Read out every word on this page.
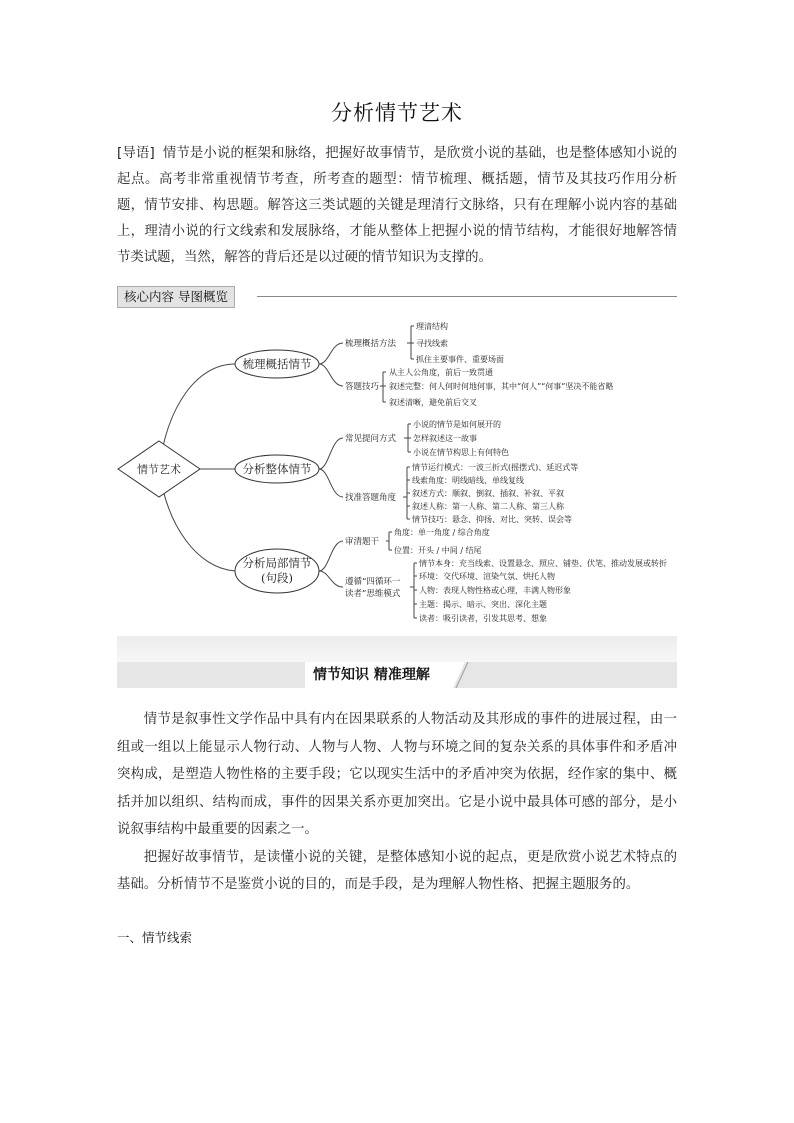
分析情节艺术
[导语] 情节是小说的框架和脉络，把握好故事情节，是欣赏小说的基础，也是整体感知小说的起点。高考非常重视情节考查，所考查的题型：情节梳理、概括题，情节及其技巧作用分析题，情节安排、构思题。解答这三类试题的关键是理清行文脉络，只有在理解小说内容的基础上，理清小说的行文线索和发展脉络，才能从整体上把握小说的情节结构，才能很好地解答情节类试题，当然，解答的背后还是以过硬的情节知识为支撑的。
核心内容 导图概览
情节艺术
梳理概括情节
分析整体情节
分析局部情节
(句段)
梳理概括方法
答题技巧
常见提问方式
找准答题角度
审清题干
遵循“四循环一
读者”思维模式
理清结构
寻找线索
抓住主要事件、重要场面
从主人公角度，前后一致贯通
叙述完整：何人何时何地何事，其中“何人”“何事”坚决不能省略
叙述清晰，避免前后交叉
小说的情节是如何展开的
怎样叙述这一故事
小说在情节构思上有何特色
情节运行模式：一波三折式(摇摆式)、延迟式等
线索角度：明线暗线、单线复线
叙述方式：顺叙、倒叙、插叙、补叙、平叙
叙述人称：第一人称、第二人称、第三人称
情节技巧：悬念、抑扬、对比、突转、误会等
角度：单一角度 / 综合角度
位置：开头 / 中间 / 结尾
情节本身：充当线索、设置悬念、照应、铺垫、伏笔、推动发展或转折
环境：交代环境、渲染气氛、烘托人物
人物：表现人物性格或心理，丰满人物形象
主题：揭示、暗示、突出、深化主题
读者：吸引读者，引发其思考、想象
情节知识 精准理解

情节是叙事性文学作品中具有内在因果联系的人物活动及其形成的事件的进展过程，由一组或一组以上能显示人物行动、人物与人物、人物与环境之间的复杂关系的具体事件和矛盾冲突构成，是塑造人物性格的主要手段；它以现实生活中的矛盾冲突为依据，经作家的集中、概括并加以组织、结构而成，事件的因果关系亦更加突出。它是小说中最具体可感的部分，是小说叙事结构中最重要的因素之一。

把握好故事情节，是读懂小说的关键，是整体感知小说的起点，更是欣赏小说艺术特点的基础。分析情节不是鉴赏小说的目的，而是手段，是为理解人物性格、把握主题服务的。

一、情节线索
